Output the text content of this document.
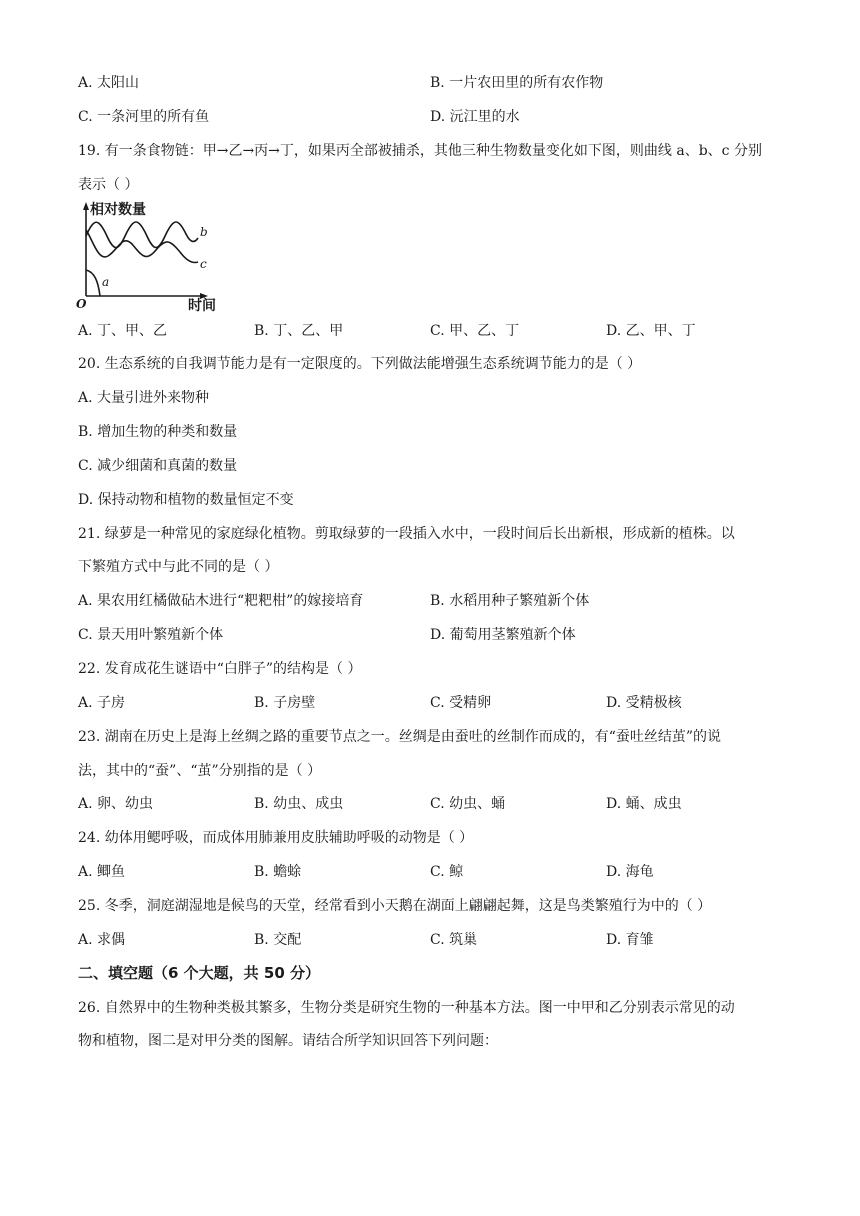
A. 太阳山	B. 一片农田里的所有农作物
C. 一条河里的所有鱼	D. 沅江里的水
19. 有一条食物链：甲→乙→丙→丁，如果丙全部被捕杀，其他三种生物数量变化如下图，则曲线 a、b、c 分别
表示（ ）
相对数量
时间
O
a
b
c
A. 丁、甲、乙	B. 丁、乙、甲	C. 甲、乙、丁	D. 乙、甲、丁
20. 生态系统的自我调节能力是有一定限度的。下列做法能增强生态系统调节能力的是（ ）
A. 大量引进外来物种
B. 增加生物的种类和数量
C. 减少细菌和真菌的数量
D. 保持动物和植物的数量恒定不变
21. 绿萝是一种常见的家庭绿化植物。剪取绿萝的一段插入水中，一段时间后长出新根，形成新的植株。以
下繁殖方式中与此不同的是（ ）
A. 果农用红橘做砧木进行“粑粑柑”的嫁接培育	B. 水稻用种子繁殖新个体
C. 景天用叶繁殖新个体	D. 葡萄用茎繁殖新个体
22. 发育成花生谜语中“白胖子”的结构是（ ）
A. 子房	B. 子房壁	C. 受精卵	D. 受精极核
23. 湖南在历史上是海上丝绸之路的重要节点之一。丝绸是由蚕吐的丝制作而成的，有“蚕吐丝结茧”的说
法，其中的“蚕”、“茧”分别指的是（ ）
A. 卵、幼虫	B. 幼虫、成虫	C. 幼虫、蛹	D. 蛹、成虫
24. 幼体用鳃呼吸，而成体用肺兼用皮肤辅助呼吸的动物是（ ）
A. 鲫鱼	B. 蟾蜍	C. 鲸	D. 海龟
25. 冬季，洞庭湖湿地是候鸟的天堂，经常看到小天鹅在湖面上翩翩起舞，这是鸟类繁殖行为中的（ ）
A. 求偶	B. 交配	C. 筑巢	D. 育雏
二、填空题（6 个大题，共 50 分）
26. 自然界中的生物种类极其繁多，生物分类是研究生物的一种基本方法。图一中甲和乙分别表示常见的动
物和植物，图二是对甲分类的图解。请结合所学知识回答下列问题：
